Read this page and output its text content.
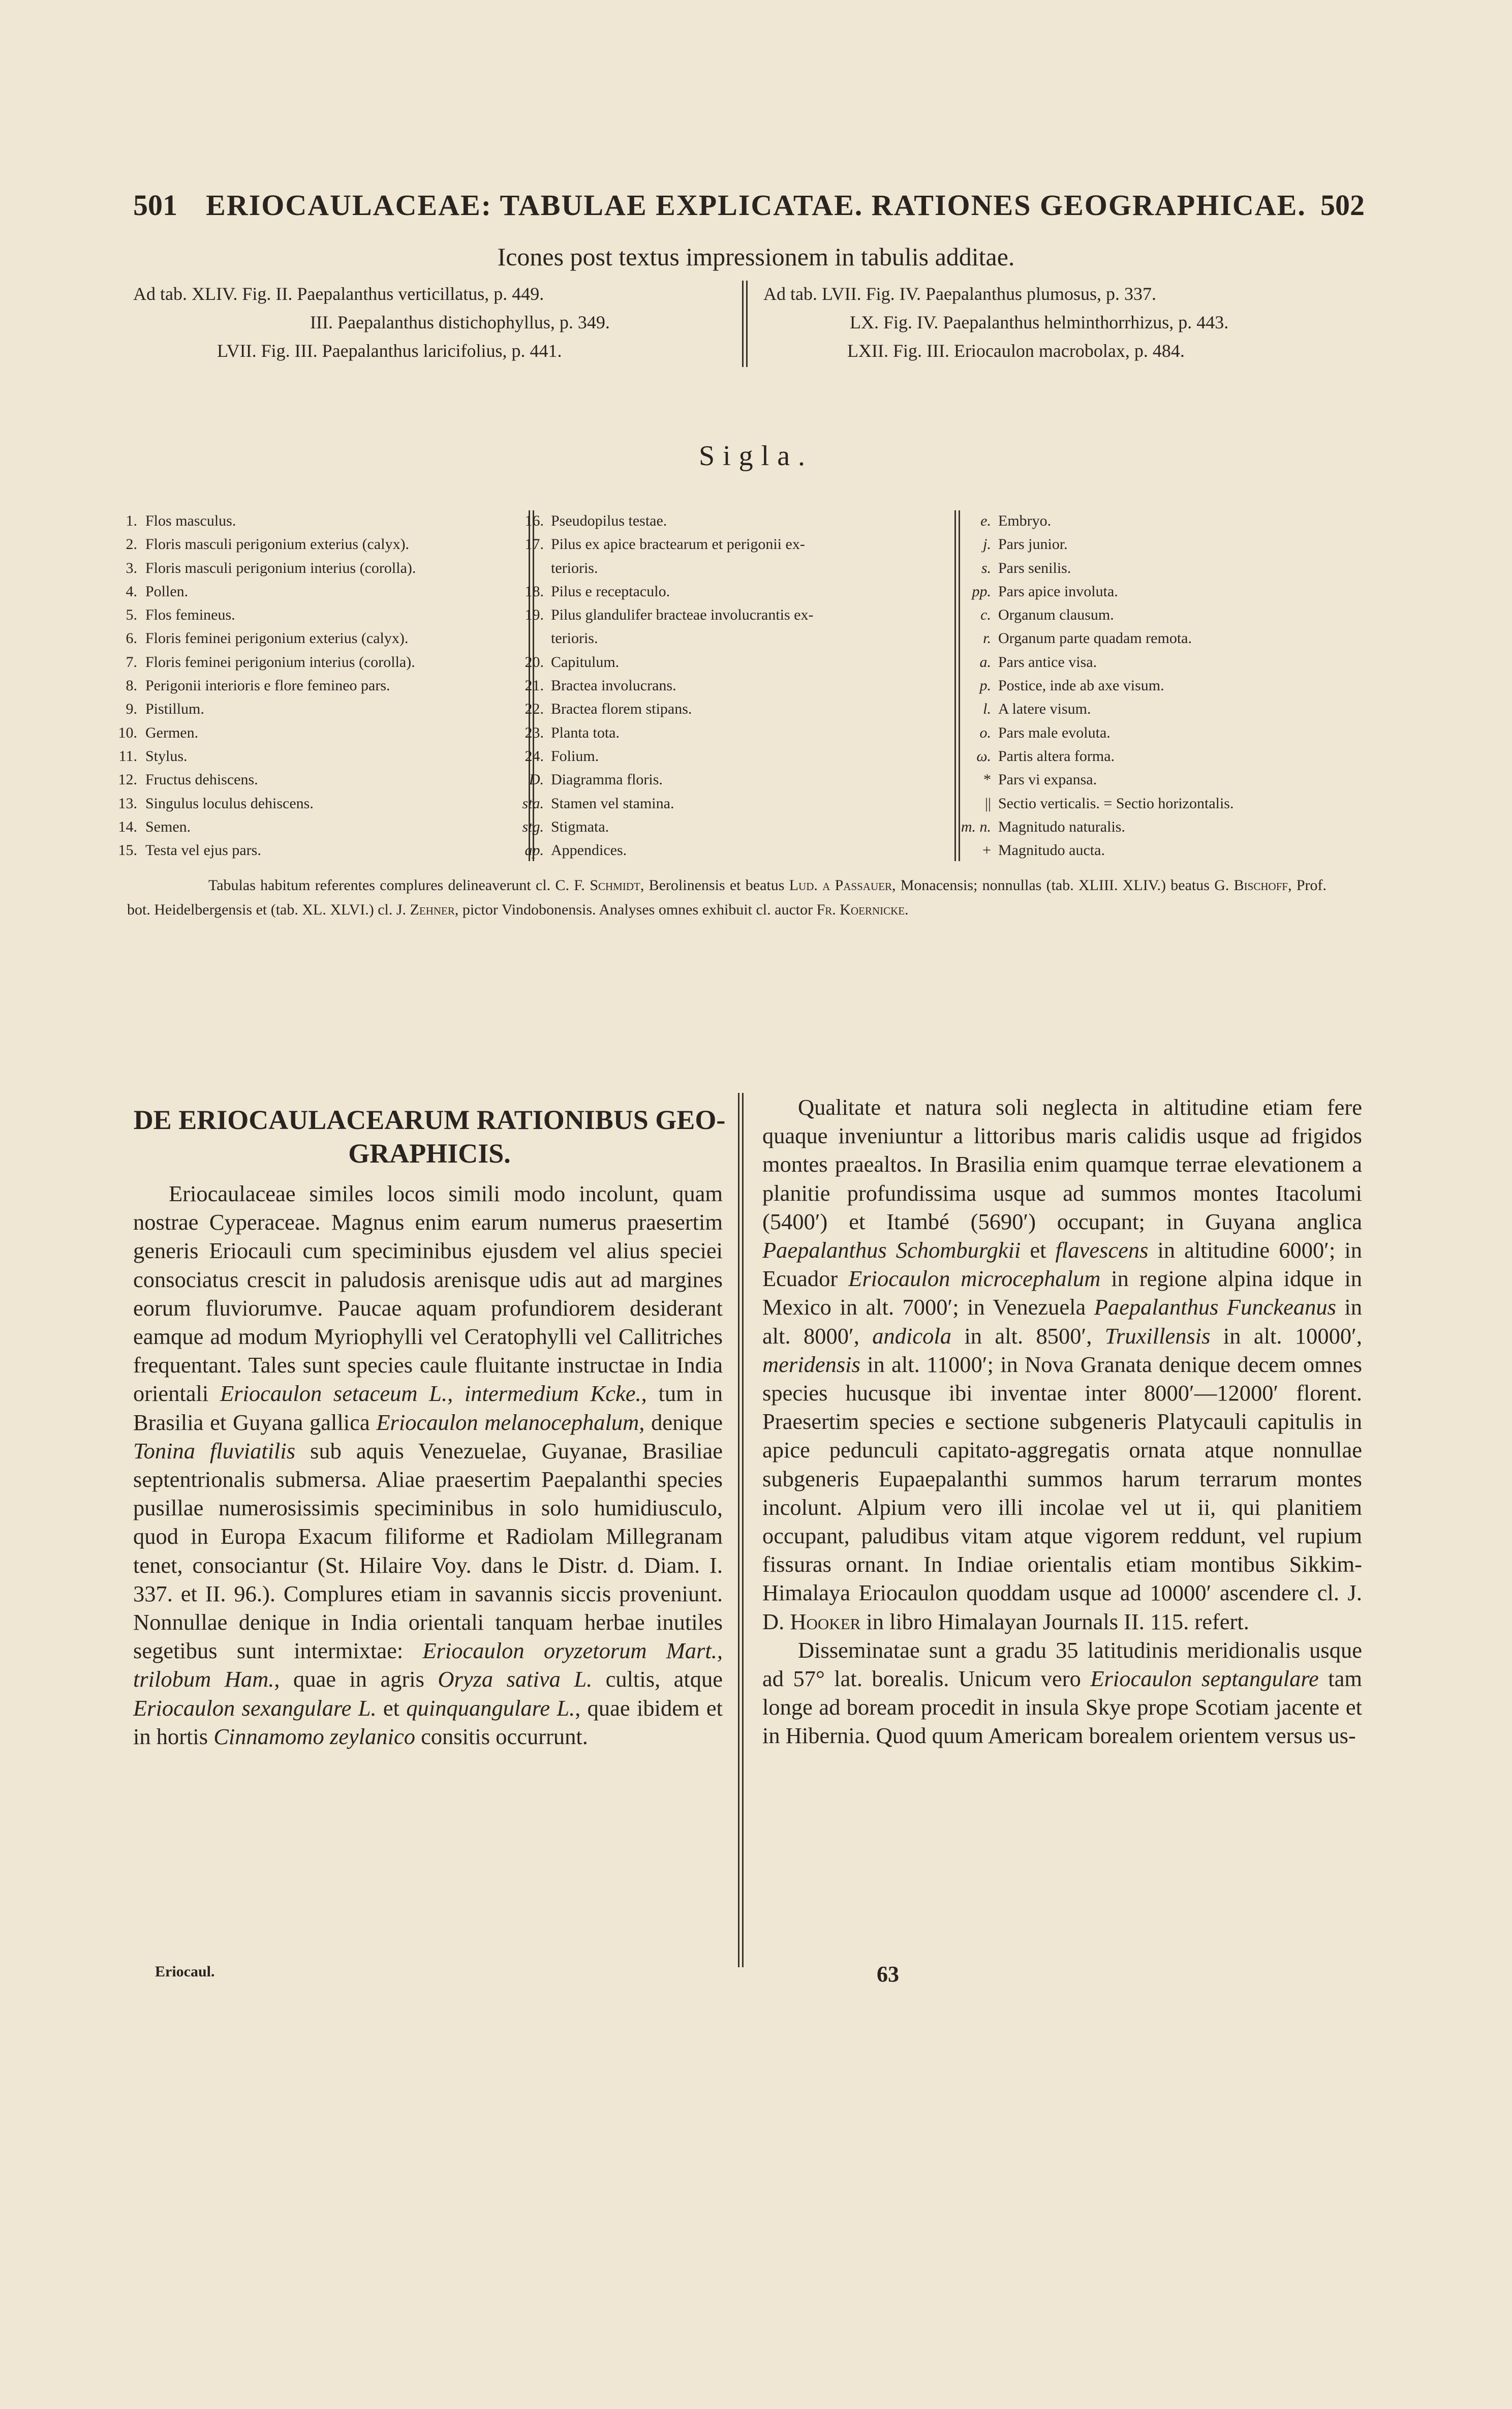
501 ERIOCAULACEAE: TABULAE EXPLICATAE. RATIONES GEOGRAPHICAE. 502
Icones post textus impressionem in tabulis additae.
Ad tab. XLIV. Fig. II. Paepalanthus verticillatus, p. 449.
III. Paepalanthus distichophyllus, p. 349.
LVII. Fig. III. Paepalanthus laricifolius, p. 441.
Ad tab. LVII. Fig. IV. Paepalanthus plumosus, p. 337.
LX. Fig. IV. Paepalanthus helminthorrhizus, p. 443.
LXII. Fig. III. Eriocaulon macrobolax, p. 484.
Sigla.
1. Flos masculus.
2. Floris masculi perigonium exterius (calyx).
3. Floris masculi perigonium interius (corolla).
4. Pollen.
5. Flos femineus.
6. Floris feminei perigonium exterius (calyx).
7. Floris feminei perigonium interius (corolla).
8. Perigonii interioris e flore femineo pars.
9. Pistillum.
10. Germen.
11. Stylus.
12. Fructus dehiscens.
13. Singulus loculus dehiscens.
14. Semen.
15. Testa vel ejus pars.
16. Pseudopilus testae.
17. Pilus ex apice bractearum et perigonii ex-
terioris.
18. Pilus e receptaculo.
19. Pilus glandulifer bracteae involucrantis ex-
terioris.
20. Capitulum.
21. Bractea involucrans.
22. Bractea florem stipans.
23. Planta tota.
24. Folium.
D. Diagramma floris.
sta. Stamen vel stamina.
stg. Stigmata.
ap. Appendices.
e. Embryo.
j. Pars junior.
s. Pars senilis.
pp. Pars apice involuta.
c. Organum clausum.
r. Organum parte quadam remota.
a. Pars antice visa.
p. Postice, inde ab axe visum.
l. A latere visum.
o. Pars male evoluta.
ω. Partis altera forma.
* Pars vi expansa.
|| Sectio verticalis. = Sectio horizontalis.
m. n. Magnitudo naturalis.
+ Magnitudo aucta.
Tabulas habitum referentes complures delineaverunt cl. C. F. Schmidt, Berolinensis et beatus Lud. a Passauer, Monacensis; nonnullas (tab. XLIII. XLIV.) beatus G. Bischoff, Prof. bot. Heidelbergensis et (tab. XL. XLVI.) cl. J. Zehner, pictor Vindobonensis. Analyses omnes exhibuit cl. auctor Fr. Koernicke.
DE ERIOCAULACEARUM RATIONIBUS GEO-
GRAPHICIS.

Eriocaulaceae similes locos simili modo incolunt, quam nostrae Cyperaceae. Magnus enim earum numerus praesertim generis Eriocauli cum speciminibus ejusdem vel alius speciei consociatus crescit in paludosis arenisque udis aut ad margines eorum fluviorumve. Paucae aquam profundiorem desiderant eamque ad modum Myriophylli vel Ceratophylli vel Callitriches frequentant. Tales sunt species caule fluitante instructae in India orientali Eriocaulon setaceum L., intermedium Kcke., tum in Brasilia et Guyana gallica Eriocaulon melanocephalum, denique Tonina fluviatilis sub aquis Venezuelae, Guyanae, Brasiliae septentrionalis submersa. Aliae praesertim Paepalanthi species pusillae numerosissimis speciminibus in solo humidiusculo, quod in Europa Exacum filiforme et Radiolam Millegranam tenet, consociantur (St. Hilaire Voy. dans le Distr. d. Diam. I. 337. et II. 96.). Complures etiam in savannis siccis proveniunt. Nonnullae denique in India orientali tanquam herbae inutiles segetibus sunt intermixtae: Eriocaulon oryzetorum Mart., trilobum Ham., quae in agris Oryza sativa L. cultis, atque Eriocaulon sexangulare L. et quinquangulare L., quae ibidem et in hortis Cinnamomo zeylanico consitis occurrunt.

Qualitate et natura soli neglecta in altitudine etiam fere quaque inveniuntur a littoribus maris calidis usque ad frigidos montes praealtos. In Brasilia enim quamque terrae elevationem a planitie profundissima usque ad summos montes Itacolumi (5400′) et Itambé (5690′) occupant; in Guyana anglica Paepalanthus Schomburgkii et flavescens in altitudine 6000′; in Ecuador Eriocaulon microcephalum in regione alpina idque in Mexico in alt. 7000′; in Venezuela Paepalanthus Funckeanus in alt. 8000′, andicola in alt. 8500′, Truxillensis in alt. 10000′, meridensis in alt. 11000′; in Nova Granata denique decem omnes species hucusque ibi inventae inter 8000′—12000′ florent. Praesertim species e sectione subgeneris Platycauli capitulis in apice pedunculi capitato-aggregatis ornata atque nonnullae subgeneris Eupaepalanthi summos harum terrarum montes incolunt. Alpium vero illi incolae vel ut ii, qui planitiem occupant, paludibus vitam atque vigorem reddunt, vel rupium fissuras ornant. In Indiae orientalis etiam montibus Sikkim-Himalaya Eriocaulon quoddam usque ad 10000′ ascendere cl. J. D. Hooker in libro Himalayan Journals II. 115. refert.

Disseminatae sunt a gradu 35 latitudinis meridionalis usque ad 57° lat. borealis. Unicum vero Eriocaulon septangulare tam longe ad boream procedit in insula Skye prope Scotiam jacente et in Hibernia. Quod quum Americam borealem orientem versus us-

Eriocaul.	63
